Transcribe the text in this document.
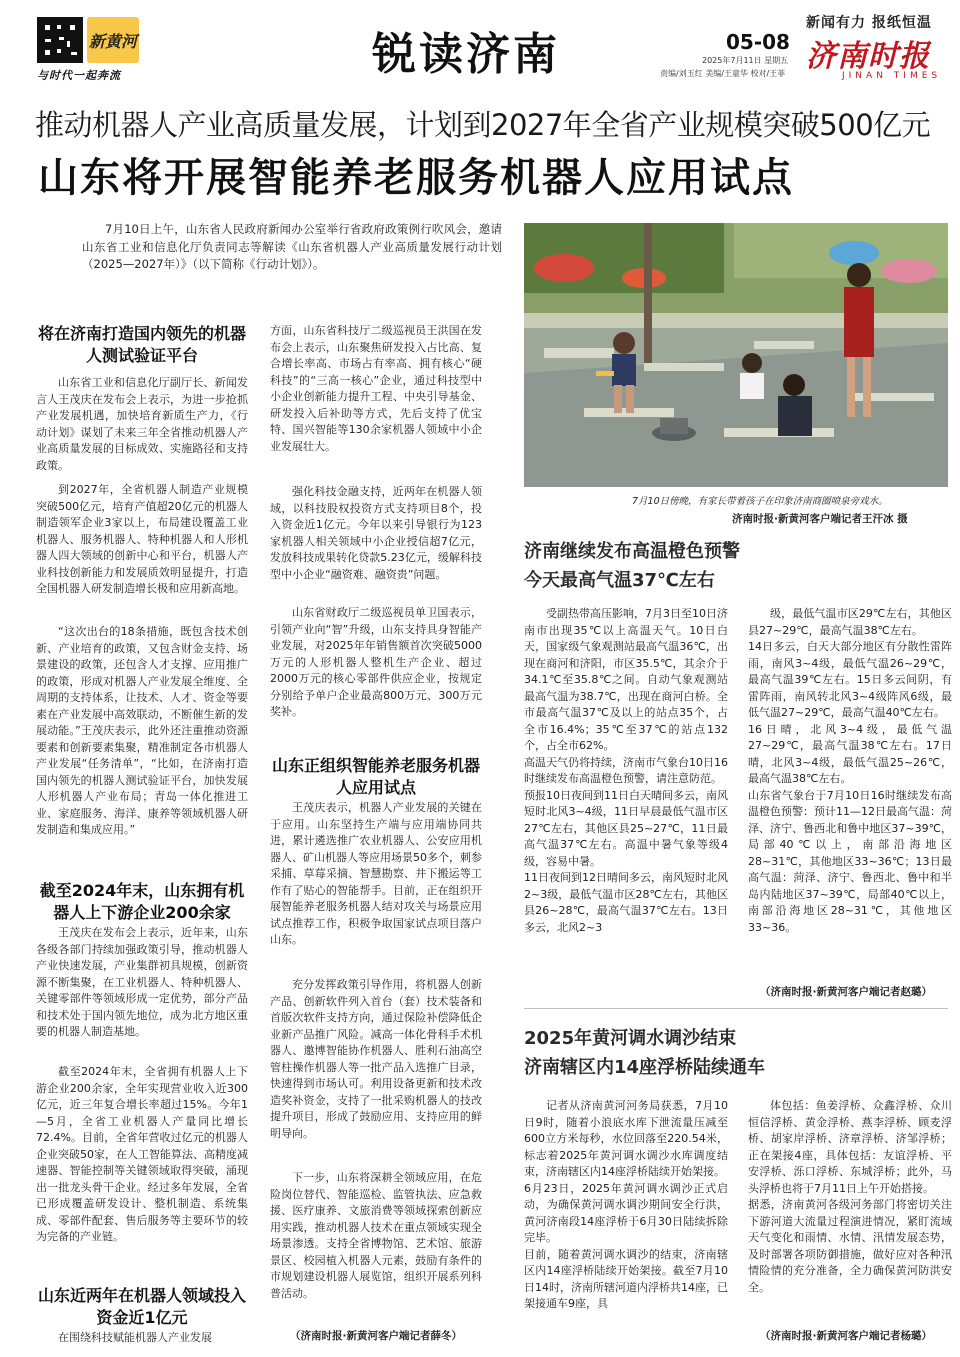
新黄河
与时代一起奔流	锐读济南	05-08
2025年7月11日 星期五
责编/刘玉红 美编/王童华 校对/王菲
新闻有力 报纸恒温
济南时报
JINAN TIMES
推动机器人产业高质量发展，计划到2027年全省产业规模突破500亿元
山东将开展智能养老服务机器人应用试点
7月10日上午，山东省人民政府新闻办公室举行省政府政策例行吹风会，邀请山东省工业和信息化厅负责同志等解读《山东省机器人产业高质量发展行动计划（2025—2027年）》（以下简称《行动计划》）。
将在济南打造国内领先的机器人测试验证平台
山东省工业和信息化厅副厅长、新闻发言人王茂庆在发布会上表示，为进一步抢抓产业发展机遇，加快培育新质生产力，《行动计划》谋划了未来三年全省推动机器人产业高质量发展的目标成效、实施路径和支持政策。
到2027年，全省机器人制造产业规模突破500亿元，培育产值超20亿元的机器人制造领军企业3家以上，布局建设覆盖工业机器人、服务机器人、特种机器人和人形机器人四大领域的创新中心和平台，机器人产业科技创新能力和发展质效明显提升，打造全国机器人研发制造增长极和应用新高地。
“这次出台的18条措施，既包含技术创新、产业培育的政策，又包含财金支持、场景建设的政策，还包含人才支撑、应用推广的政策，形成对机器人产业发展全维度、全周期的支持体系，让技术、人才、资金等要素在产业发展中高效联动，不断催生新的发展动能。”王茂庆表示，此外还注重推动资源要素和创新要素集聚，精准制定各市机器人产业发展“任务清单”，“比如，在济南打造国内领先的机器人测试验证平台，加快发展人形机器人产业布局；青岛一体化推进工业、家庭服务、海洋、康养等领域机器人研发制造和集成应用。”
截至2024年末，山东拥有机器人上下游企业200余家
王茂庆在发布会上表示，近年来，山东各级各部门持续加强政策引导，推动机器人产业快速发展，产业集群初具规模，创新资源不断集聚，在工业机器人、特种机器人、关键零部件等领域形成一定优势，部分产品和技术处于国内领先地位，成为北方地区重要的机器人制造基地。
截至2024年末，全省拥有机器人上下游企业200余家，全年实现营业收入近300亿元，近三年复合增长率超过15%。今年1—5月，全省工业机器人产量同比增长72.4%。目前，全省年营收过亿元的机器人企业突破50家，在人工智能算法、高精度减速器、智能控制等关键领域取得突破，涌现出一批龙头骨干企业。经过多年发展，全省已形成覆盖研发设计、整机制造、系统集成、零部件配套、售后服务等主要环节的较为完备的产业链。
山东近两年在机器人领域投入资金近1亿元
在围绕科技赋能机器人产业发展
方面，山东省科技厅二级巡视员王洪国在发布会上表示，山东聚焦研发投入占比高、复合增长率高、市场占有率高、拥有核心“硬科技”的“三高一核心”企业，通过科技型中小企业创新能力提升工程、中央引导基金、研发投入后补助等方式，先后支持了优宝特、国兴智能等130余家机器人领域中小企业发展壮大。
强化科技金融支持，近两年在机器人领域，以科技股权投资方式支持项目8个，投入资金近1亿元。今年以来引导银行为123家机器人相关领域中小企业授信超7亿元，发放科技成果转化贷款5.23亿元，缓解科技型中小企业“融资难、融资贵”问题。
山东省财政厅二级巡视员单卫国表示，引领产业向“智”升级，山东支持具身智能产业发展，对2025年年销售额首次突破5000万元的人形机器人整机生产企业、超过2000万元的核心零部件供应企业，按规定分别给予单户企业最高800万元、300万元奖补。
山东正组织智能养老服务机器人应用试点
王茂庆表示，机器人产业发展的关键在于应用。山东坚持生产端与应用端协同共进，累计遴选推广农业机器人、公安应用机器人、矿山机器人等应用场景50多个，刺参采捕、草莓采摘、智慧勘察、井下搬运等工作有了贴心的智能帮手。目前，正在组织开展智能养老服务机器人结对攻关与场景应用试点推荐工作，积极争取国家试点项目落户山东。
充分发挥政策引导作用，将机器人创新产品、创新软件列入首台（套）技术装备和首版次软件支持方向，通过保险补偿降低企业新产品推广风险。减高一体化骨科手术机器人、邀博智能协作机器人、胜利石油高空管柱操作机器人等一批产品入选推广目录，快速得到市场认可。利用设备更新和技术改造奖补资金，支持了一批采购机器人的技改提升项目，形成了鼓励应用、支持应用的鲜明导向。
下一步，山东将深耕全领域应用，在危险岗位替代、智能巡检、监管执法、应急救援、医疗康养、文旅消费等领域探索创新应用实践，推动机器人技术在重点领域实现全场景渗透。支持全省博物馆、艺术馆、旅游景区、校园植入机器人元素，鼓励有条件的市规划建设机器人展览馆，组织开展系列科普活动。
（济南时报·新黄河客户端记者薛冬）
7月10日傍晚，有家长带着孩子在印象济南商圈喷泉旁戏水。
济南时报·新黄河客户端记者王汗冰 摄
济南继续发布高温橙色预警
今天最高气温37℃左右
受副热带高压影响，7月3日至10日济南市出现35℃以上高温天气。10日白天，国家级气象观测站最高气温36℃，出现在商河和济阳，市区35.5℃，其余介于34.1℃至35.8℃之间。自动气象观测站最高气温为38.7℃，出现在商河白桥。全市最高气温37℃及以上的站点35个，占全市16.4%；35℃至37℃的站点132个，占全市62%。
高温天气仍将持续，济南市气象台10日16时继续发布高温橙色预警，请注意防范。
预报10日夜间到11日白天晴间多云，南风短时北风3~4级，11日早晨最低气温市区27℃左右，其他区县25~27℃，11日最高气温37℃左右。高温中暑气象等级4级，容易中暑。
11日夜间到12日晴间多云，南风短时北风2~3级，最低气温市区28℃左右，其他区县26~28℃，最高气温37℃左右。13日多云，北风2~3
级，最低气温市区29℃左右，其他区县27~29℃，最高气温38℃左右。
14日多云，白天大部分地区有分散性雷阵雨，南风3~4级，最低气温26~29℃，最高气温39℃左右。15日多云间阴，有雷阵雨，南风转北风3~4级阵风6级，最低气温27~29℃，最高气温40℃左右。
16日晴，北风3~4级，最低气温27~29℃，最高气温38℃左右。17日晴，北风3~4级，最低气温25~26℃，最高气温38℃左右。
山东省气象台于7月10日16时继续发布高温橙色预警：预计11—12日最高气温：菏泽、济宁、鲁西北和鲁中地区37~39℃，局部40℃以上，南部沿海地区28~31℃，其他地区33~36℃；13日最高气温：菏泽、济宁、鲁西北、鲁中和半岛内陆地区37~39℃，局部40℃以上，南部沿海地区28~31℃，其他地区33~36。
（济南时报·新黄河客户端记者赵璐）
2025年黄河调水调沙结束
济南辖区内14座浮桥陆续通车
记者从济南黄河河务局获悉，7月10日9时，随着小浪底水库下泄流量压减至600立方米每秒，水位回落至220.54米，标志着2025年黄河调水调沙水库调度结束，济南辖区内14座浮桥陆续开始架接。
6月23日，2025年黄河调水调沙正式启动，为确保黄河调水调沙期间安全行洪，黄河济南段14座浮桥于6月30日陆续拆除完毕。
目前，随着黄河调水调沙的结束，济南辖区内14座浮桥陆续开始架接。截至7月10日14时，济南所辖河道内浮桥共14座，已架接通车9座，具
体包括：鱼姜浮桥、众鑫浮桥、众川恒信浮桥、黄金浮桥、燕李浮桥、顾麦浮桥、胡家岸浮桥、济章浮桥、济邹浮桥；正在架接4座，具体包括：友谊浮桥、平安浮桥、泺口浮桥、东城浮桥；此外，马头浮桥也将于7月11日上午开始搭接。
据悉，济南黄河各级河务部门将密切关注下游河道大流量过程演进情况，紧盯流域天气变化和雨情、水情、汛情发展态势，及时部署各项防御措施，做好应对各种汛情险情的充分准备，全力确保黄河防洪安全。
（济南时报·新黄河客户端记者杨璐）
